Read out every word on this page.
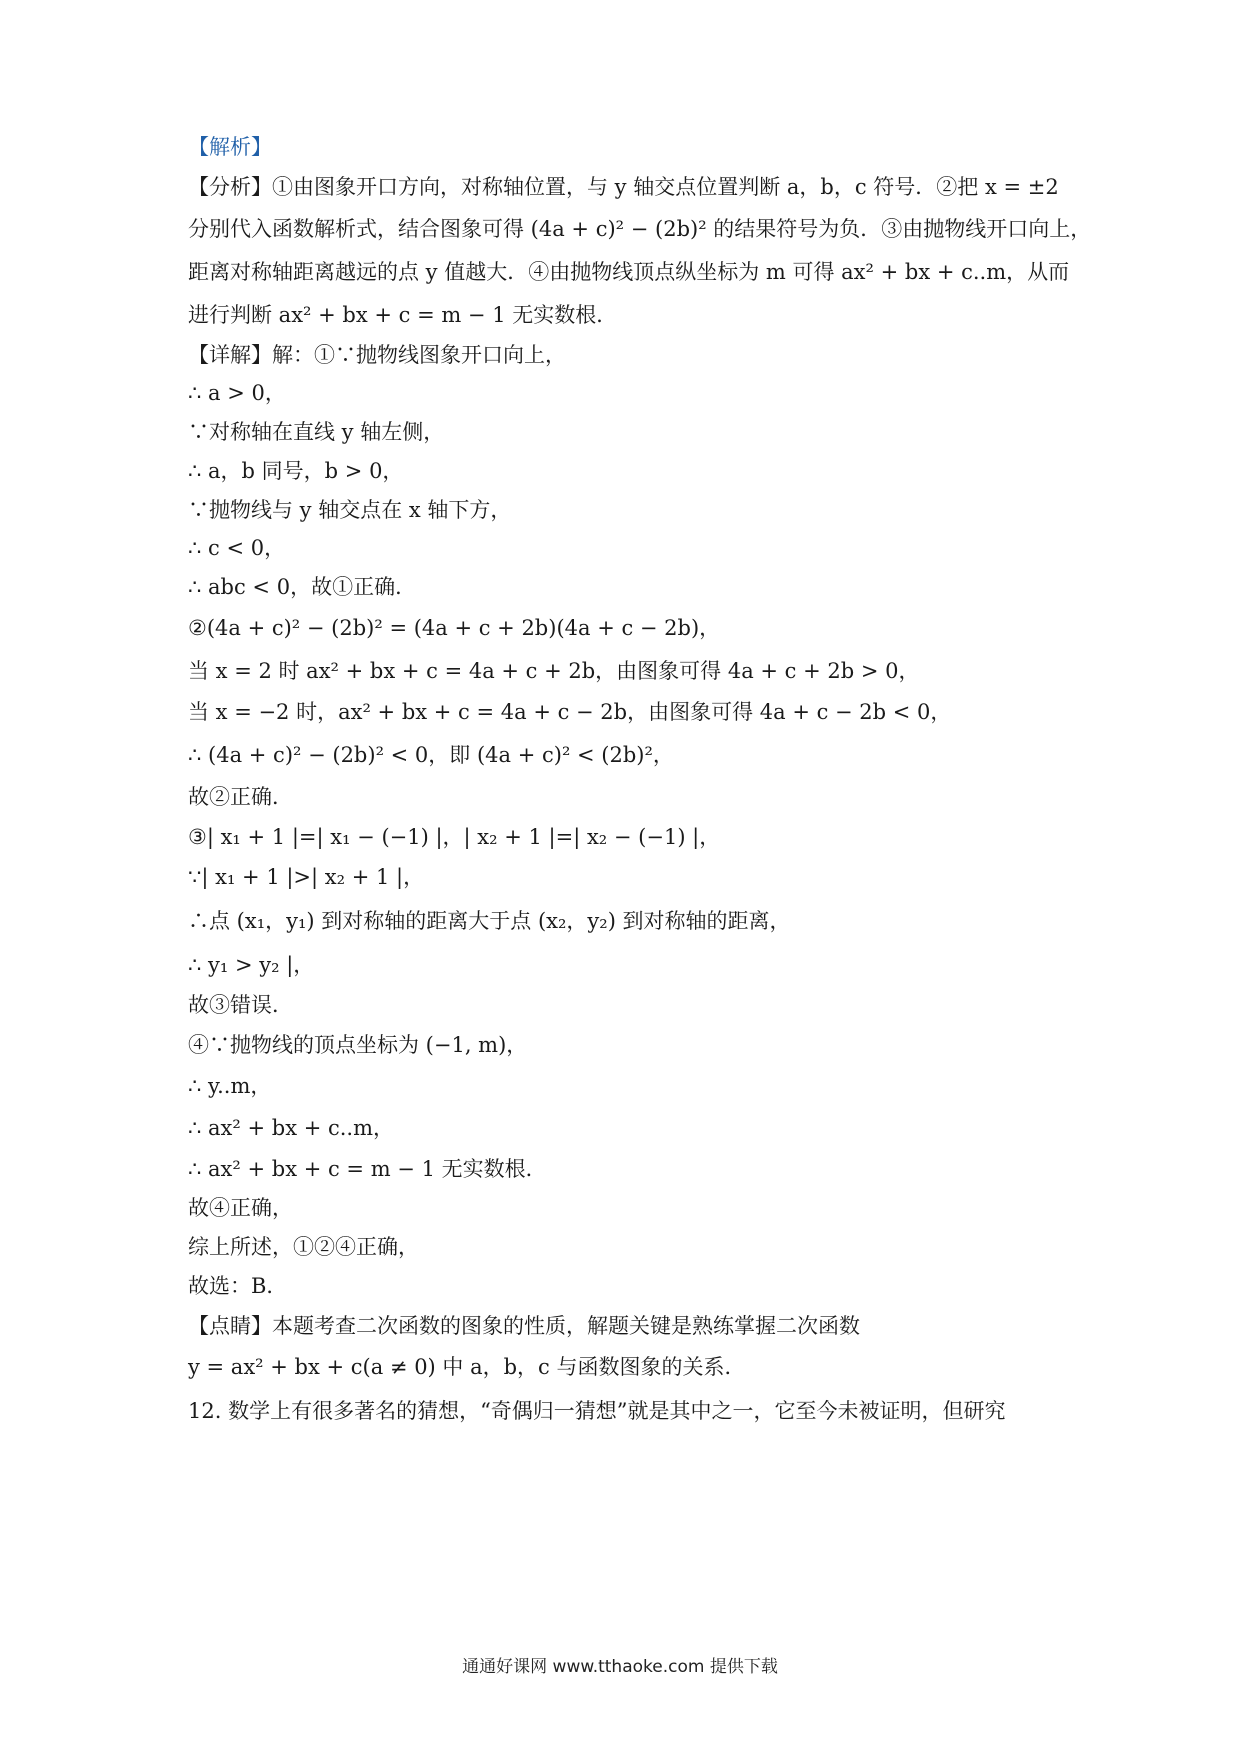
【解析】
【分析】①由图象开口方向，对称轴位置，与 y 轴交点位置判断 a，b，c 符号．②把 x = ±2
分别代入函数解析式，结合图象可得 (4a + c)² − (2b)² 的结果符号为负．③由抛物线开口向上，
距离对称轴距离越远的点 y 值越大．④由抛物线顶点纵坐标为 m 可得 ax² + bx + c..m，从而
进行判断 ax² + bx + c = m − 1 无实数根．
【详解】解：①∵抛物线图象开口向上，
∴ a > 0，
∵对称轴在直线 y 轴左侧，
∴ a，b 同号，b > 0，
∵抛物线与 y 轴交点在 x 轴下方，
∴ c < 0，
∴ abc < 0，故①正确．
②(4a + c)² − (2b)² = (4a + c + 2b)(4a + c − 2b)，
当 x = 2 时 ax² + bx + c = 4a + c + 2b，由图象可得 4a + c + 2b > 0，
当 x = −2 时，ax² + bx + c = 4a + c − 2b，由图象可得 4a + c − 2b < 0，
∴ (4a + c)² − (2b)² < 0，即 (4a + c)² < (2b)²，
故②正确．
③| x₁ + 1 |=| x₁ − (−1) |，| x₂ + 1 |=| x₂ − (−1) |，
∵| x₁ + 1 |>| x₂ + 1 |，
∴点 (x₁，y₁) 到对称轴的距离大于点 (x₂，y₂) 到对称轴的距离，
∴ y₁ > y₂ |，
故③错误．
④∵抛物线的顶点坐标为 (−1, m)，
∴ y..m，
∴ ax² + bx + c..m，
∴ ax² + bx + c = m − 1 无实数根．
故④正确，
综上所述，①②④正确，
故选：B．
【点睛】本题考查二次函数的图象的性质，解题关键是熟练掌握二次函数
y = ax² + bx + c(a ≠ 0) 中 a，b，c 与函数图象的关系．
12. 数学上有很多著名的猜想，“奇偶归一猜想”就是其中之一，它至今未被证明，但研究
通通好课网 www.tthaoke.com 提供下载
